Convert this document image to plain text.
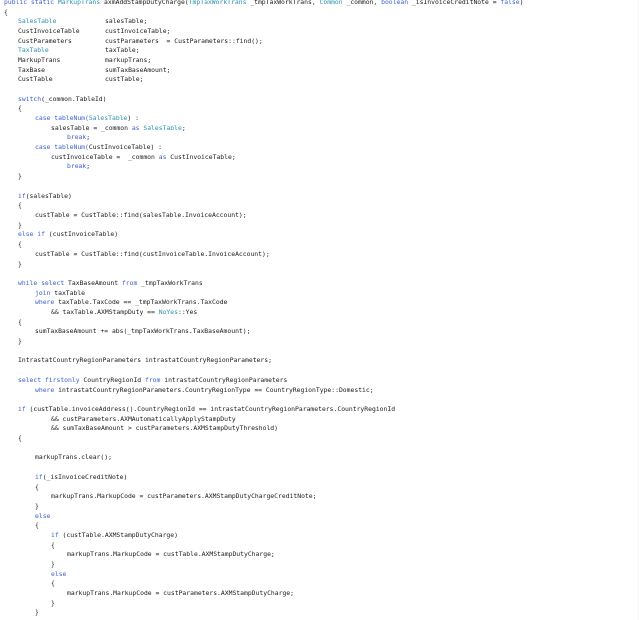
public static MarkupTrans axmAddStampDutyCharge(TmpTaxWorkTrans _tmpTaxWorkTrans, Common _common, boolean _isInvoiceCreditNote = false)
{
SalesTable	salesTable;
CustInvoiceTable	custInvoiceTable;
CustParameters	custParameters  = CustParameters::find();
TaxTable	taxTable;
MarkupTrans	markupTrans;
TaxBase	sumTaxBaseAmount;
CustTable	custTable;
switch(_common.TableId)
{
case tableNum(SalesTable) :
salesTable = _common as SalesTable;
break;
case tableNum(CustInvoiceTable) :
custInvoiceTable =  _common as CustInvoiceTable;
break;
}
if(salesTable)
{
custTable = CustTable::find(salesTable.InvoiceAccount);
}
else if (custInvoiceTable)
{
custTable = CustTable::find(custInvoiceTable.InvoiceAccount);
}
while select TaxBaseAmount from _tmpTaxWorkTrans
join taxTable
where taxTable.TaxCode == _tmpTaxWorkTrans.TaxCode
&& taxTable.AXMStampDuty == NoYes::Yes
{
sumTaxBaseAmount += abs(_tmpTaxWorkTrans.TaxBaseAmount);
}
IntrastatCountryRegionParameters intrastatCountryRegionParameters;
select firstonly CountryRegionId from intrastatCountryRegionParameters
where intrastatCountryRegionParameters.CountryRegionType == CountryRegionType::Domestic;
if (custTable.invoiceAddress().CountryRegionId == intrastatCountryRegionParameters.CountryRegionId
&& custParameters.AXMAutomaticallyApplyStampDuty
&& sumTaxBaseAmount > custParameters.AXMStampDutyThreshold)
{
markupTrans.clear();
if(_isInvoiceCreditNote)
{
markupTrans.MarkupCode = custParameters.AXMStampDutyChargeCreditNote;
}
else
{
if (custTable.AXMStampDutyCharge)
{
markupTrans.MarkupCode = custTable.AXMStampDutyCharge;
}
else
{
markupTrans.MarkupCode = custParameters.AXMStampDutyCharge;
}
}
